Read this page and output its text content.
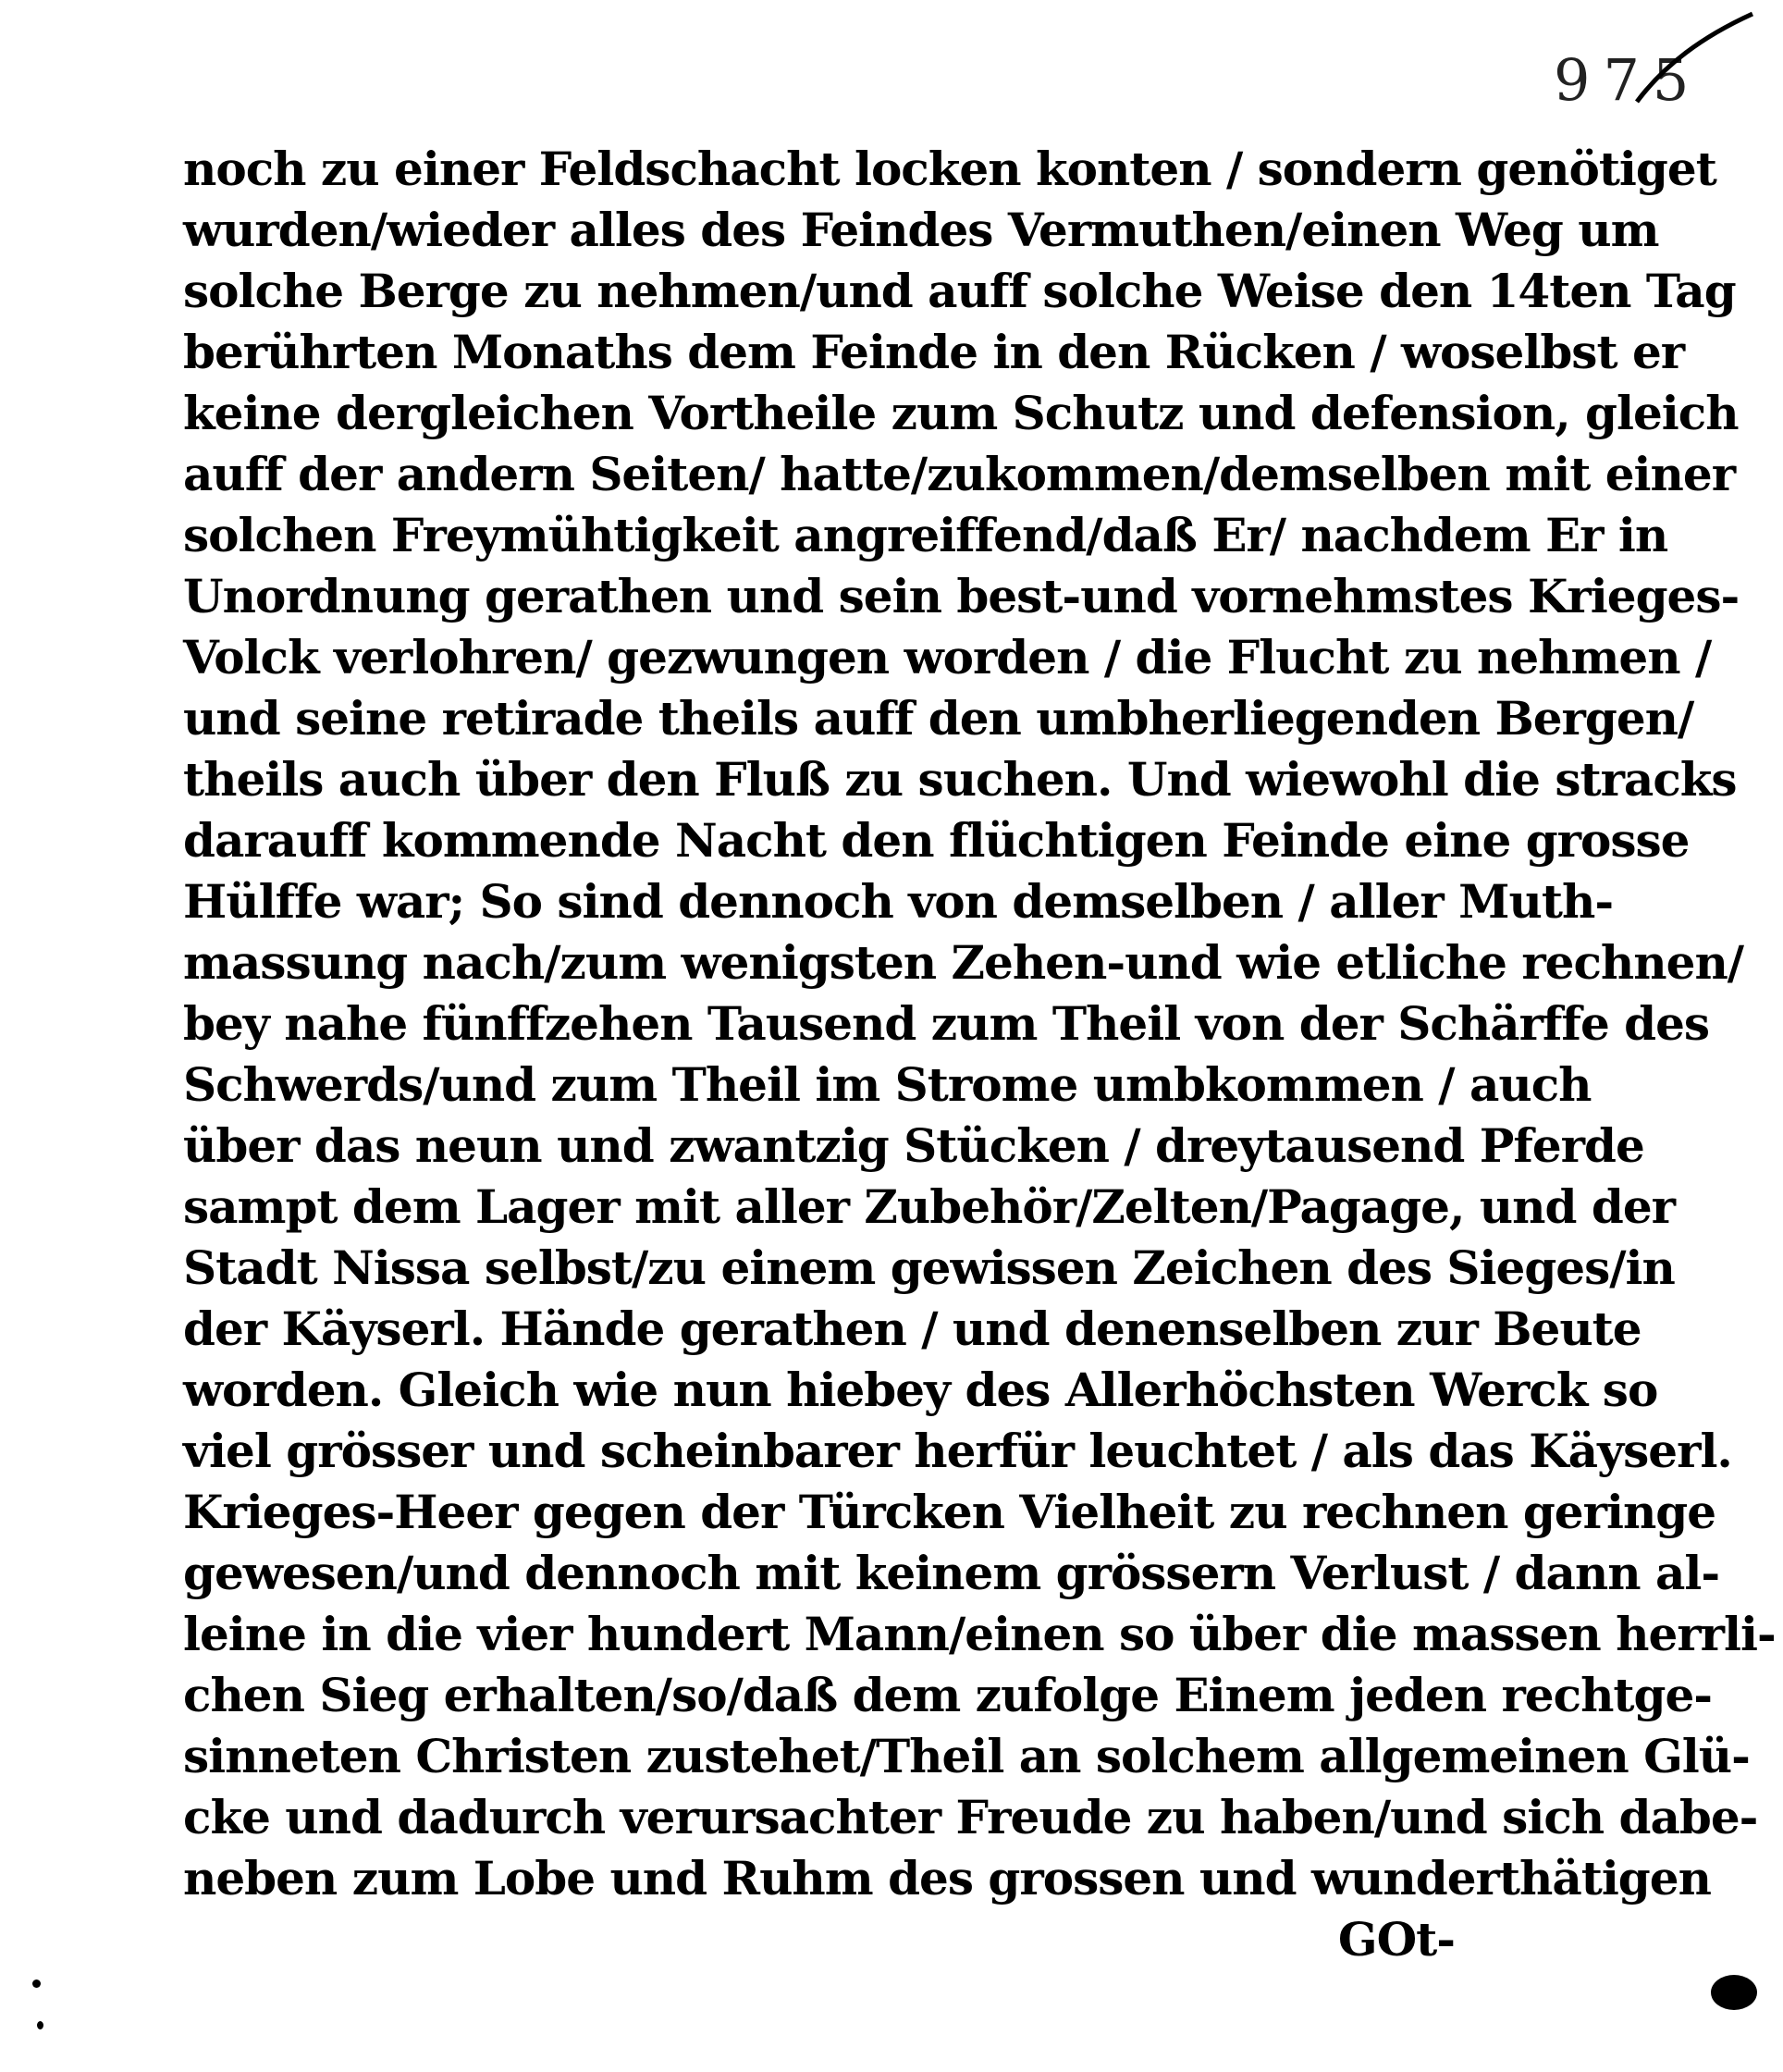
975
noch zu einer Feldschacht locken konten / sondern genötiget
wurden/wieder alles des Feindes Vermuthen/einen Weg um
solche Berge zu nehmen/und auff solche Weise den 14ten Tag
berührten Monaths dem Feinde in den Rücken / woselbst er
keine dergleichen Vortheile zum Schutz und defension, gleich
auff der andern Seiten/ hatte/zukommen/demselben mit einer
solchen Freymühtigkeit angreiffend/daß Er/ nachdem Er in
Unordnung gerathen und sein best-und vornehmstes Krieges-
Volck verlohren/ gezwungen worden / die Flucht zu nehmen /
und seine retirade theils auff den umbherliegenden Bergen/
theils auch über den Fluß zu suchen. Und wiewohl die stracks
darauff kommende Nacht den flüchtigen Feinde eine grosse
Hülffe war; So sind dennoch von demselben / aller Muth-
massung nach/zum wenigsten Zehen-und wie etliche rechnen/
bey nahe fünffzehen Tausend zum Theil von der Schärffe des
Schwerds/und zum Theil im Strome umbkommen / auch
über das neun und zwantzig Stücken / dreytausend Pferde
sampt dem Lager mit aller Zubehör/Zelten/Pagage, und der
Stadt Nissa selbst/zu einem gewissen Zeichen des Sieges/in
der Käyserl. Hände gerathen / und denenselben zur Beute
worden. Gleich wie nun hiebey des Allerhöchsten Werck so
viel grösser und scheinbarer herfür leuchtet / als das Käyserl.
Krieges-Heer gegen der Türcken Vielheit zu rechnen geringe
gewesen/und dennoch mit keinem grössern Verlust / dann al-
leine in die vier hundert Mann/einen so über die massen herrli-
chen Sieg erhalten/so/daß dem zufolge Einem jeden rechtge-
sinneten Christen zustehet/Theil an solchem allgemeinen Glü-
cke und dadurch verursachter Freude zu haben/und sich dabe-
neben zum Lobe und Ruhm des grossen und wunderthätigen
GOt-
